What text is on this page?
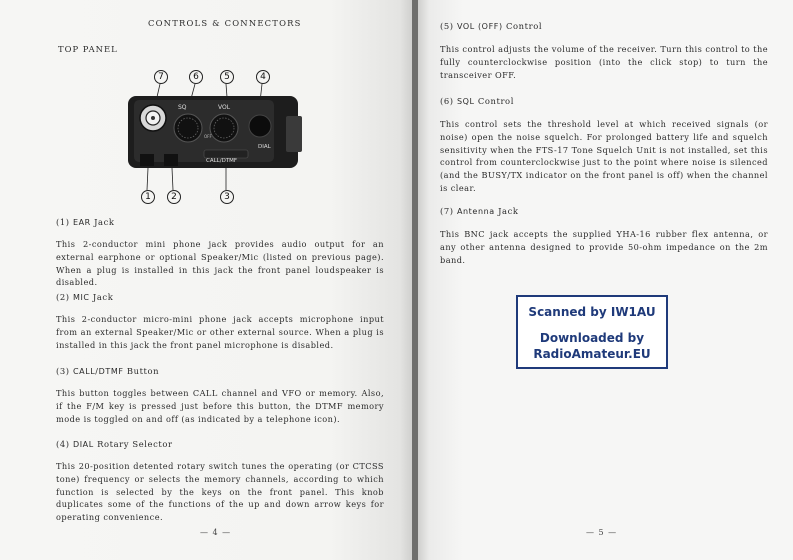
CONTROLS & CONNECTORS
TOP PANEL
SQ	VOL
OFF
DIAL
CALL/DTMF
7	6	5	4
1	2	3
(1) EAR Jack
This 2-conductor mini phone jack provides audio output for an external earphone or optional Speaker/Mic (listed on previous page). When a plug is installed in this jack the front panel loudspeaker is disabled.
(2) MIC Jack
This 2-conductor micro-mini phone jack accepts microphone input from an external Speaker/Mic or other external source. When a plug is installed in this jack the front panel microphone is disabled.
(3) CALL/DTMF Button
This button toggles between CALL channel and VFO or memory. Also, if the F/M key is pressed just before this button, the DTMF memory mode is toggled on and off (as indicated by a telephone icon).
(4) DIAL Rotary Selector
This 20-position detented rotary switch tunes the operating (or CTCSS tone) frequency or selects the memory channels, according to which function is selected by the keys on the front panel. This knob duplicates some of the functions of the up and down arrow keys for operating convenience.
— 4 —
(5) VOL (OFF) Control
This control adjusts the volume of the receiver. Turn this control to the fully counterclockwise position (into the click stop) to turn the transceiver OFF.
(6) SQL Control
This control sets the threshold level at which received signals (or noise) open the noise squelch. For prolonged battery life and squelch sensitivity when the FTS-17 Tone Squelch Unit is not installed, set this control from counterclockwise just to the point where noise is silenced (and the BUSY/TX indicator on the front panel is off) when the channel is clear.
(7) Antenna Jack
This BNC jack accepts the supplied YHA-16 rubber flex antenna, or any other antenna designed to provide 50-ohm impedance on the 2m band.
— 5 —
Scanned by IW1AU
Downloaded by
RadioAmateur.EU
